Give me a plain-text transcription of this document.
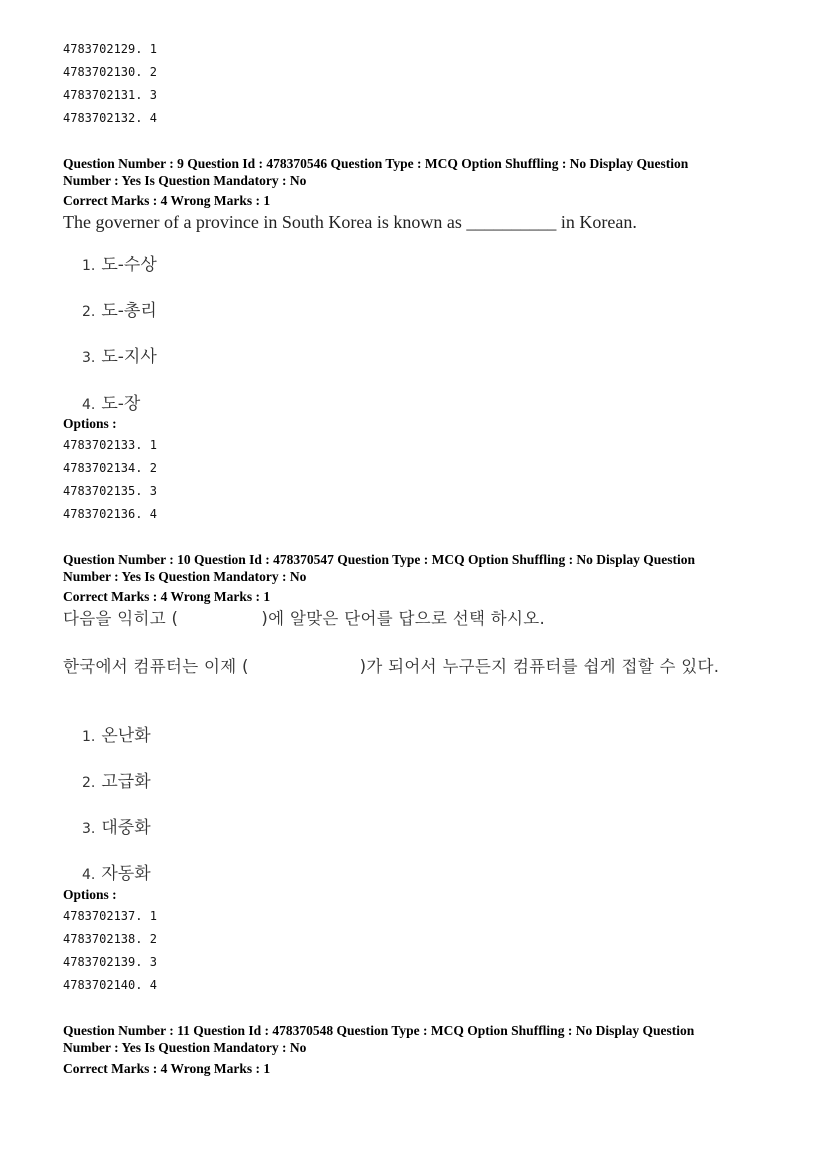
4783702129. 1
4783702130. 2
4783702131. 3
4783702132. 4
Question Number : 9 Question Id : 478370546 Question Type : MCQ Option Shuffling : No Display Question
Number : Yes Is Question Mandatory : No
Correct Marks : 4 Wrong Marks : 1
The governer of a province in South Korea is known as __________ in Korean.
1. 도-수상
2. 도-총리
3. 도-지사
4. 도-장
Options :
4783702133. 1
4783702134. 2
4783702135. 3
4783702136. 4
Question Number : 10 Question Id : 478370547 Question Type : MCQ Option Shuffling : No Display Question
Number : Yes Is Question Mandatory : No
Correct Marks : 4 Wrong Marks : 1
다음을 익히고 (               )에 알맞은 단어를 답으로 선택 하시오.
한국에서 컴퓨터는 이제 (                    )가 되어서 누구든지 컴퓨터를 쉽게 접할 수 있다.
1. 온난화
2. 고급화
3. 대중화
4. 자동화
Options :
4783702137. 1
4783702138. 2
4783702139. 3
4783702140. 4
Question Number : 11 Question Id : 478370548 Question Type : MCQ Option Shuffling : No Display Question
Number : Yes Is Question Mandatory : No
Correct Marks : 4 Wrong Marks : 1
